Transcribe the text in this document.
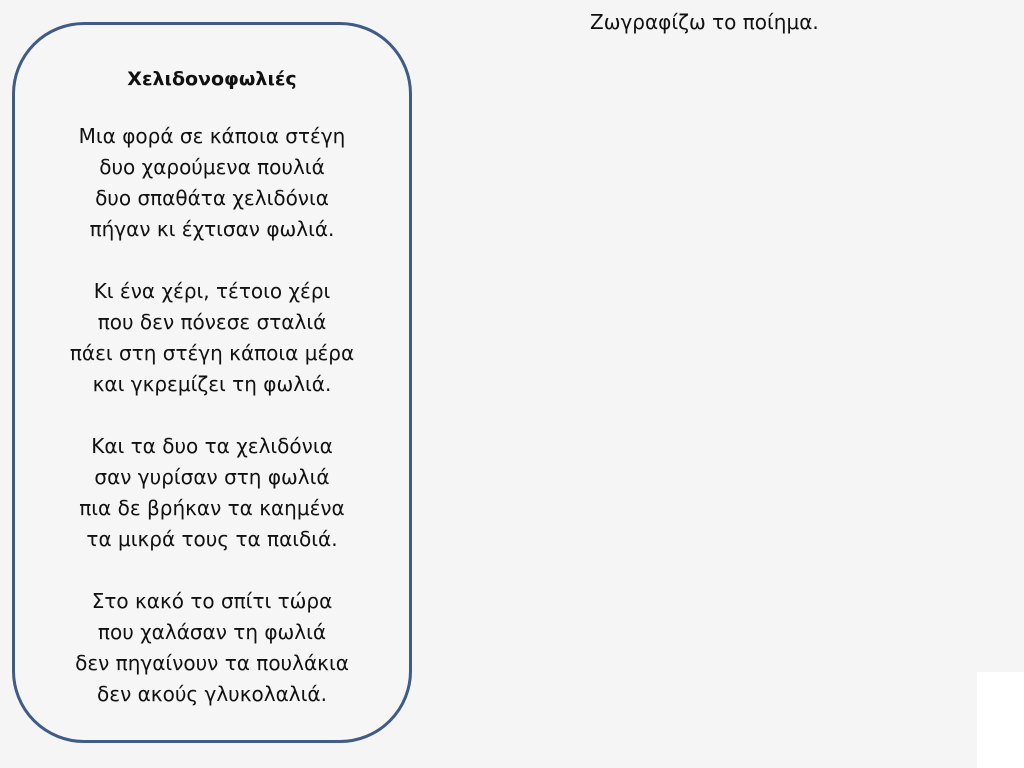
Χελιδονοφωλιές
Μια φορά σε κάποια στέγη
δυο χαρούμενα πουλιά
δυο σπαθάτα χελιδόνια
πήγαν κι έχτισαν φωλιά.
Κι ένα χέρι, τέτοιο χέρι
που δεν πόνεσε σταλιά
πάει στη στέγη κάποια μέρα
και γκρεμίζει τη φωλιά.
Και τα δυο τα χελιδόνια
σαν γυρίσαν στη φωλιά
πια δε βρήκαν τα καημένα
τα μικρά τους τα παιδιά.
Στο κακό το σπίτι τώρα
που χαλάσαν τη φωλιά
δεν πηγαίνουν τα πουλάκια
δεν ακούς γλυκολαλιά.
Ζωγραφίζω το ποίημα.
